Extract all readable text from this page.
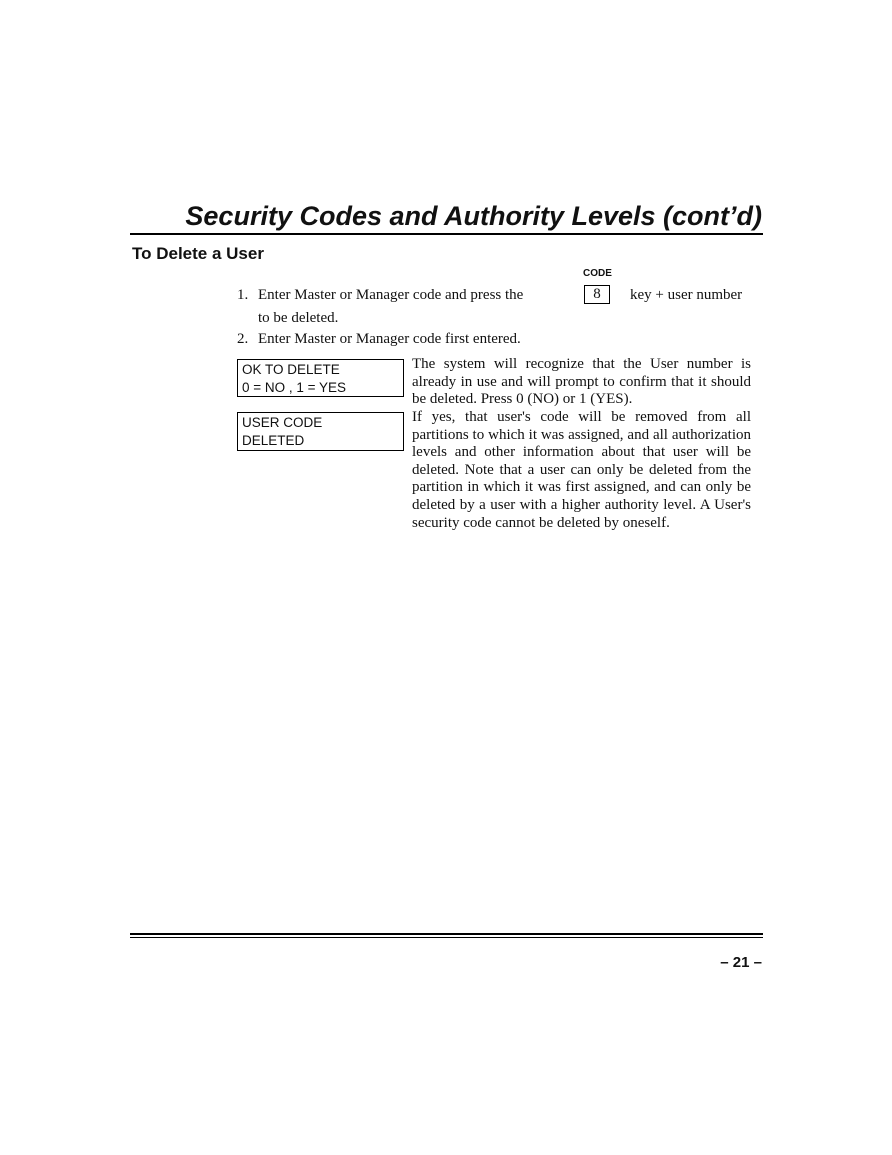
Security Codes and Authority Levels (cont’d)
To Delete a User
CODE
1. Enter Master or Manager code and press the	8	key + user number
to be deleted.
2. Enter Master or Manager code first entered.
OK TO DELETE
0 = NO , 1 = YES

The system will recognize that the User number is already in use and will prompt to confirm that it should be deleted. Press 0 (NO) or 1 (YES).

USER CODE
DELETED

If yes, that user's code will be removed from all partitions to which it was assigned, and all authorization levels and other information about that user will be deleted. Note that a user can only be deleted from the partition in which it was first assigned, and can only be deleted by a user with a higher authority level. A User's security code cannot be deleted by oneself.

– 21 –
